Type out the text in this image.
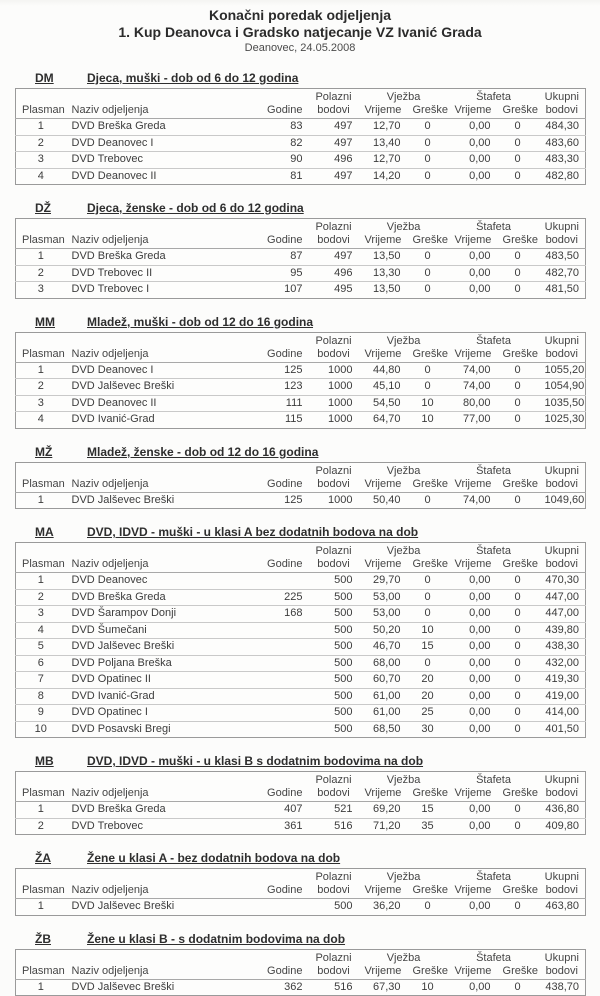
Konačni poredak odjeljenja
1. Kup Deanovca i Gradsko natjecanje VZ Ivanić Grada
Deanovec, 24.05.2008
DM	Djeca, muški - dob od 6 do 12 godina
			Polazni	Vježba		Štafeta		Ukupni
Plasman	Naziv odjeljenja	Godine	bodovi	Vrijeme	Greške	Vrijeme	Greške	bodovi
1	DVD Breška Greda	83	497	12,70	0	0,00	0	484,30
2	DVD Deanovec I	82	497	13,40	0	0,00	0	483,60
3	DVD Trebovec	90	496	12,70	0	0,00	0	483,30
4	DVD Deanovec II	81	497	14,20	0	0,00	0	482,80
DŽ	Djeca, ženske - dob od 6 do 12 godina
			Polazni	Vježba		Štafeta		Ukupni
Plasman	Naziv odjeljenja	Godine	bodovi	Vrijeme	Greške	Vrijeme	Greške	bodovi
1	DVD Breška Greda	87	497	13,50	0	0,00	0	483,50
2	DVD Trebovec II	95	496	13,30	0	0,00	0	482,70
3	DVD Trebovec I	107	495	13,50	0	0,00	0	481,50
MM	Mladež, muški - dob od 12 do 16 godina
			Polazni	Vježba		Štafeta		Ukupni
Plasman	Naziv odjeljenja	Godine	bodovi	Vrijeme	Greške	Vrijeme	Greške	bodovi
1	DVD Deanovec I	125	1000	44,80	0	74,00	0	1055,20
2	DVD Jalševec Breški	123	1000	45,10	0	74,00	0	1054,90
3	DVD Deanovec II	111	1000	54,50	10	80,00	0	1035,50
4	DVD Ivanić-Grad	115	1000	64,70	10	77,00	0	1025,30
MŽ	Mladež, ženske - dob od 12 do 16 godina
			Polazni	Vježba		Štafeta		Ukupni
Plasman	Naziv odjeljenja	Godine	bodovi	Vrijeme	Greške	Vrijeme	Greške	bodovi
1	DVD Jalševec Breški	125	1000	50,40	0	74,00	0	1049,60
MA	DVD, IDVD - muški - u klasi A bez dodatnih bodova na dob
			Polazni	Vježba		Štafeta		Ukupni
Plasman	Naziv odjeljenja	Godine	bodovi	Vrijeme	Greške	Vrijeme	Greške	bodovi
1	DVD Deanovec		500	29,70	0	0,00	0	470,30
2	DVD Breška Greda	225	500	53,00	0	0,00	0	447,00
3	DVD Šarampov Donji	168	500	53,00	0	0,00	0	447,00
4	DVD Šumečani		500	50,20	10	0,00	0	439,80
5	DVD Jalševec Breški		500	46,70	15	0,00	0	438,30
6	DVD Poljana Breška		500	68,00	0	0,00	0	432,00
7	DVD Opatinec II		500	60,70	20	0,00	0	419,30
8	DVD Ivanić-Grad		500	61,00	20	0,00	0	419,00
9	DVD Opatinec I		500	61,00	25	0,00	0	414,00
10	DVD Posavski Bregi		500	68,50	30	0,00	0	401,50
MB	DVD, IDVD - muški - u klasi B s dodatnim bodovima na dob
			Polazni	Vježba		Štafeta		Ukupni
Plasman	Naziv odjeljenja	Godine	bodovi	Vrijeme	Greške	Vrijeme	Greške	bodovi
1	DVD Breška Greda	407	521	69,20	15	0,00	0	436,80
2	DVD Trebovec	361	516	71,20	35	0,00	0	409,80
ŽA	Žene u klasi A - bez dodatnih bodova na dob
			Polazni	Vježba		Štafeta		Ukupni
Plasman	Naziv odjeljenja	Godine	bodovi	Vrijeme	Greške	Vrijeme	Greške	bodovi
1	DVD Jalševec Breški		500	36,20	0	0,00	0	463,80
ŽB	Žene u klasi B - s dodatnim bodovima na dob
			Polazni	Vježba		Štafeta		Ukupni
Plasman	Naziv odjeljenja	Godine	bodovi	Vrijeme	Greške	Vrijeme	Greške	bodovi
1	DVD Jalševec Breški	362	516	67,30	10	0,00	0	438,70
